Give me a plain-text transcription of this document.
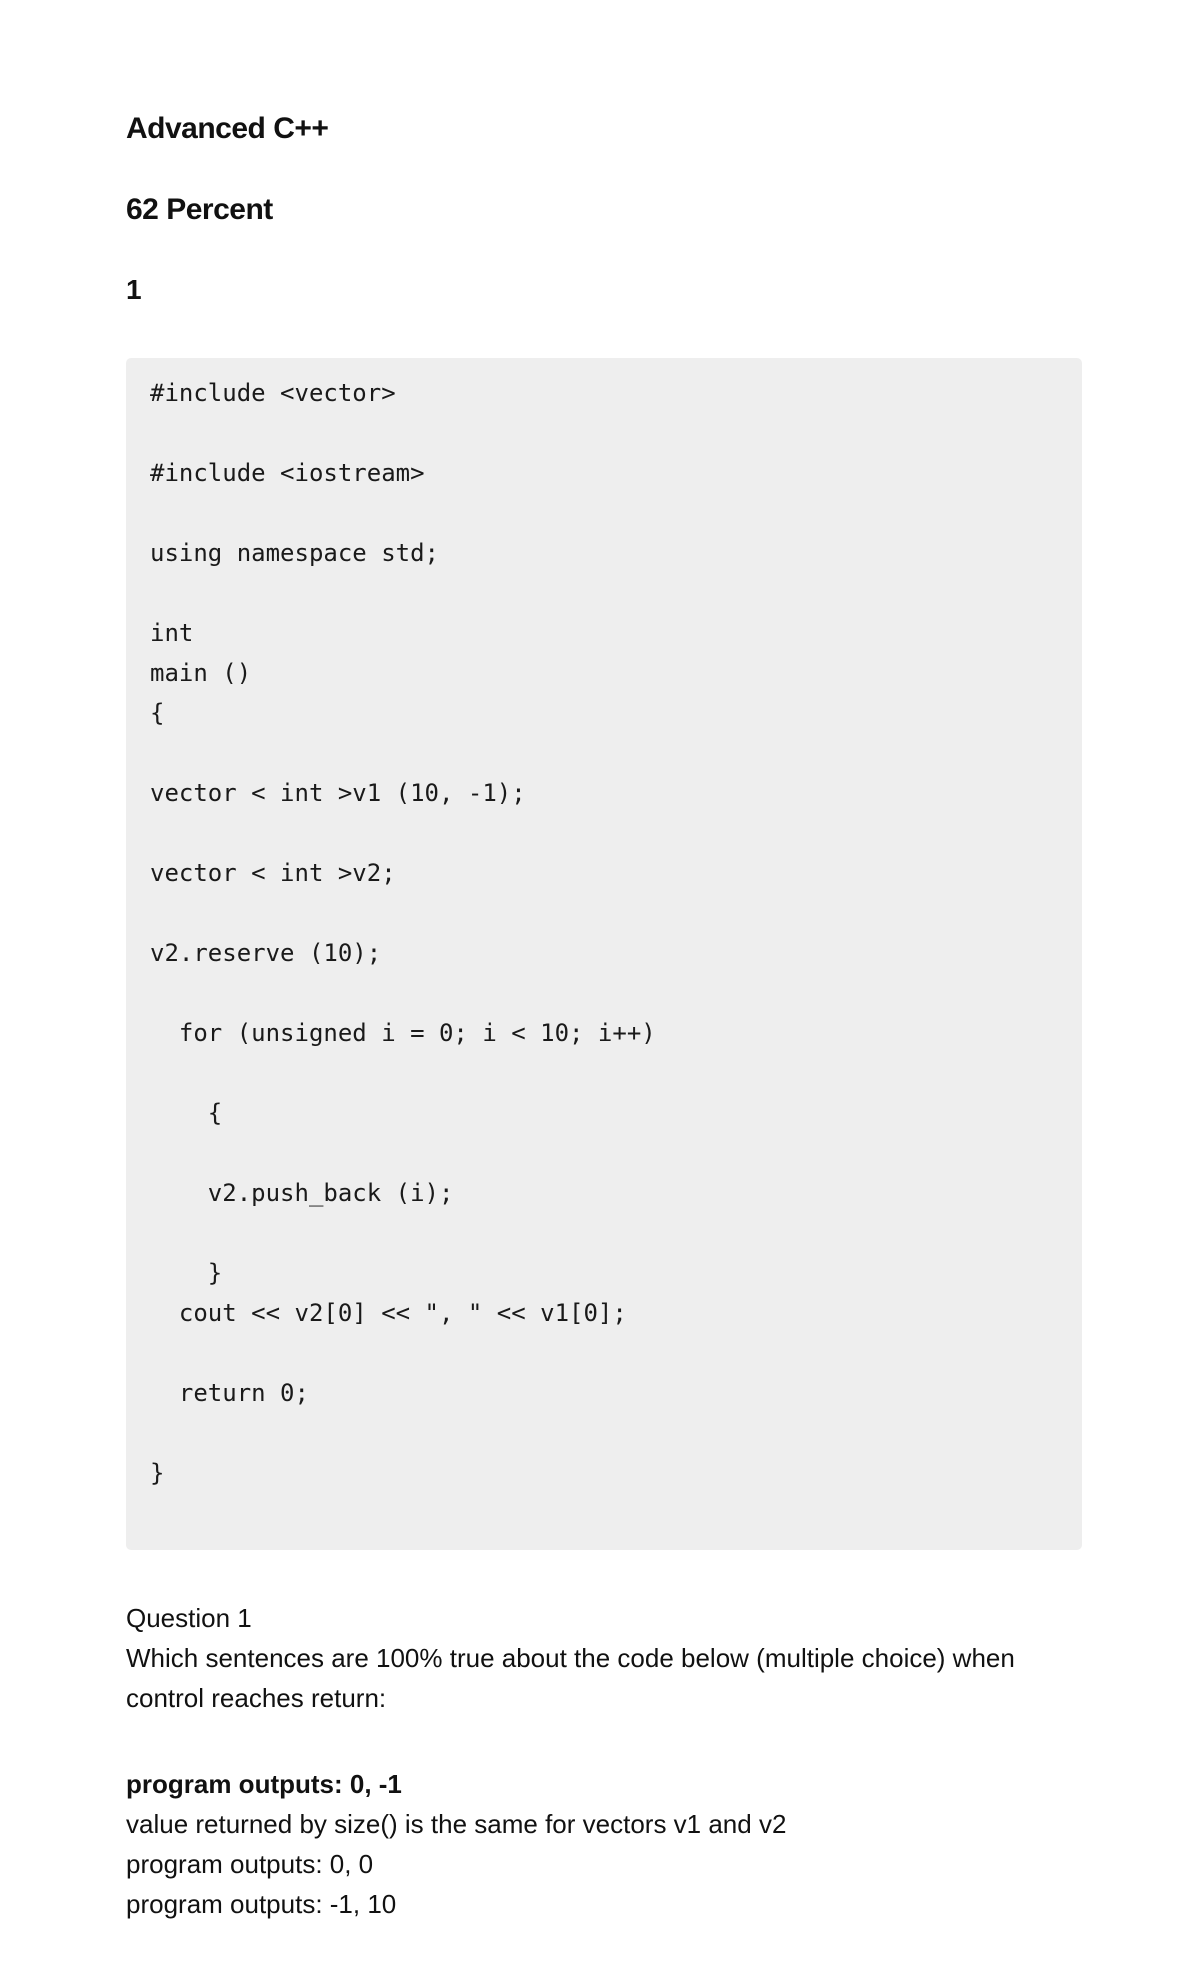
Advanced C++
62 Percent
1
#include <vector>
#include <iostream>
using namespace std;
int
main ()
{
vector < int >v1 (10, -1);
vector < int >v2;
v2.reserve (10);
for (unsigned i = 0; i < 10; i++)
{
v2.push_back (i);
}
cout << v2[0] << ", " << v1[0];
return 0;
}

Question 1

Which sentences are 100% true about the code below (multiple choice) when control reaches return:

program outputs: 0, -1
value returned by size() is the same for vectors v1 and v2
program outputs: 0, 0
program outputs: -1, 10
